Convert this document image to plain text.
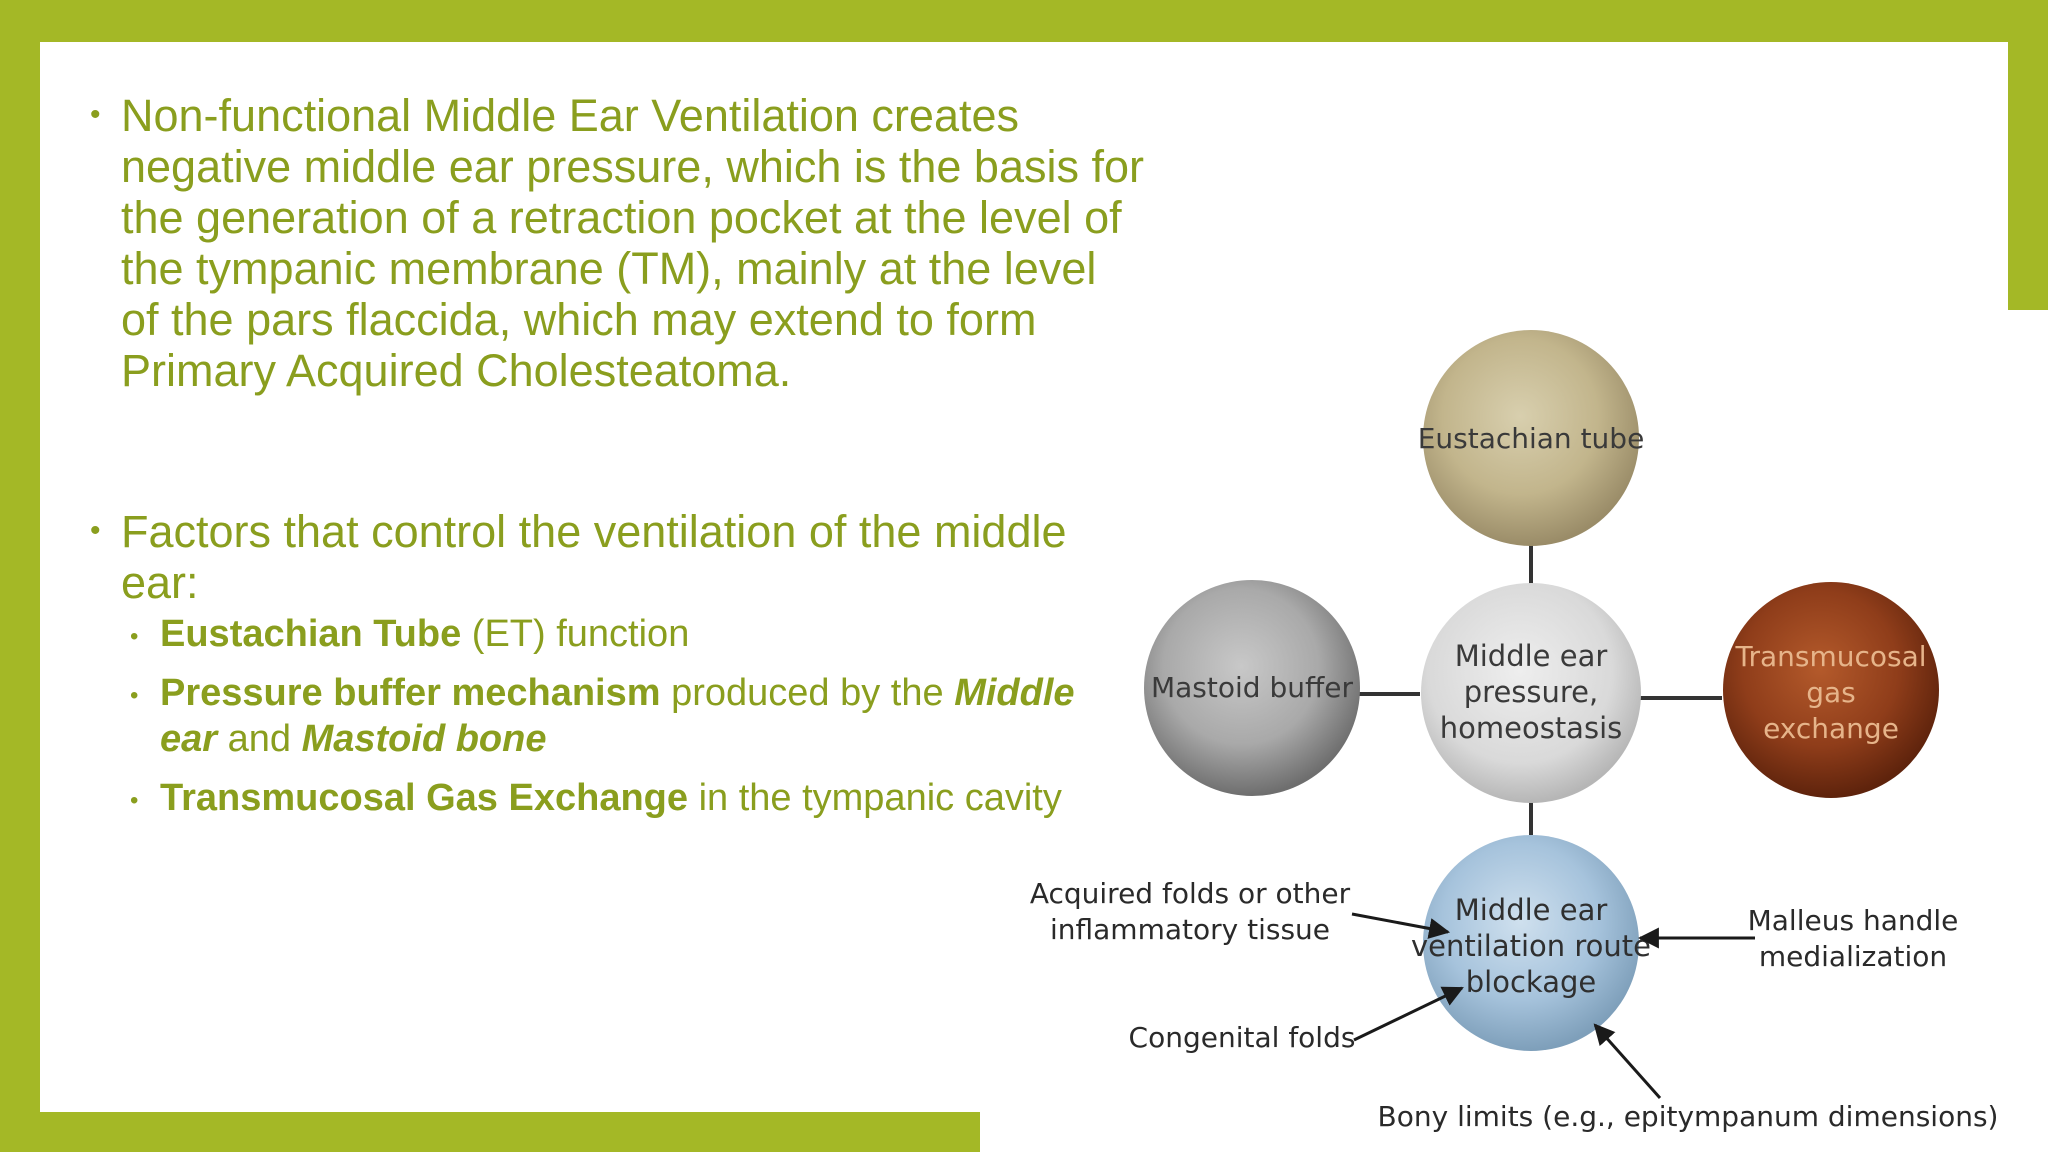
• Non-functional Middle Ear Ventilation creates
negative middle ear pressure, which is the basis for
the generation of a retraction pocket at the level of
the tympanic membrane (TM), mainly at the level
of the pars flaccida, which may extend to form
Primary Acquired Cholesteatoma.
• Factors that control the ventilation of the middle
ear:
• Eustachian Tube (ET) function
• Pressure buffer mechanism produced by the Middle
ear and Mastoid bone
• Transmucosal Gas Exchange in the tympanic cavity
Eustachian tube
Mastoid buffer
Transmucosal
gas
exchange
Middle ear
pressure,
homeostasis
Middle ear
ventilation route
blockage
Acquired folds or other
inflammatory tissue	Malleus handle
medialization
Congenital folds
Bony limits (e.g., epitympanum dimensions)
